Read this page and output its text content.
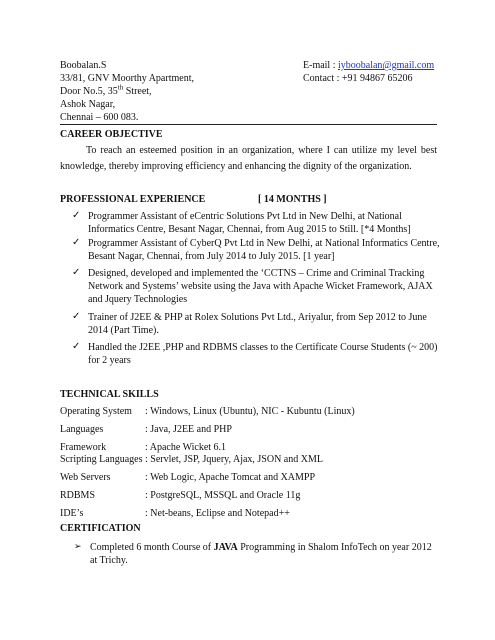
Boobalan.S
33/81, GNV Moorthy Apartment,
Door No.5, 35th Street,
Ashok Nagar,
Chennai – 600 083.
E-mail : iyboobalan@gmail.com
Contact : +91 94867 65206
CAREER OBJECTIVE
To reach an esteemed position in an organization, where I can utilize my level best knowledge, thereby improving efficiency and enhancing the dignity of the organization.
PROFESSIONAL EXPERIENCE	[ 14 MONTHS ]
✓ Programmer Assistant of eCentric Solutions Pvt Ltd in New Delhi, at National Informatics Centre, Besant Nagar, Chennai, from Aug 2015 to Still. [*4 Months]
✓ Programmer Assistant of CyberQ Pvt Ltd in New Delhi, at National Informatics Centre, Besant Nagar, Chennai, from July 2014 to July 2015. [1 year]
✓ Designed, developed and implemented the ‘CCTNS – Crime and Criminal Tracking Network and Systems’ website using the Java with Apache Wicket Framework, AJAX and Jquery Technologies
✓ Trainer of J2EE & PHP at Rolex Solutions Pvt Ltd., Ariyalur, from Sep 2012 to June 2014 (Part Time).
✓ Handled the J2EE ,PHP and RDBMS classes to the Certificate Course Students (~ 200) for 2 years
TECHNICAL SKILLS
Operating System : Windows, Linux (Ubuntu), NIC - Kubuntu (Linux)
Languages	: Java, J2EE and PHP
Framework	: Apache Wicket 6.1
Scripting Languages : Servlet, JSP, Jquery, Ajax, JSON and XML
Web Servers	: Web Logic, Apache Tomcat and XAMPP
RDBMS	: PostgreSQL, MSSQL and Oracle 11g
IDE’s	: Net-beans, Eclipse and Notepad++
CERTIFICATION
➢ Completed 6 month Course of JAVA Programming in Shalom InfoTech on year 2012 at Trichy.
